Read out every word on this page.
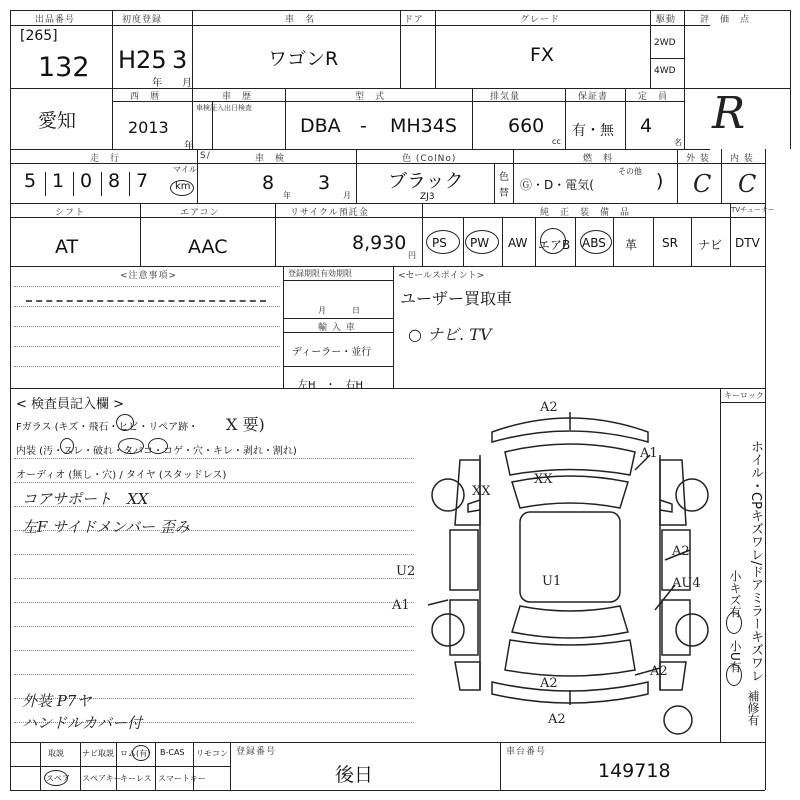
出品番号
[265]
132
初度登録
H25 3
年 月
車　名
ワゴンR
ドア	グレード
FX
駆動
2WD
4WD
評　価　点
R
愛知
西　暦
2013
年
車　歴
車検証入出日検査
型　式
DBA - MH34S
排気量
660
cc
保証書
有・無
定　員
4
名
走　行
5 1 0 8 7
マイル
km
S/	車　検
8
年
3
月
色 (ColNo)
ブラック
ZJ3
色
替
燃　料
Ⓖ・D・電気(
その他 )
外 装
C
内 装
C
シフト
AT
エアコン
AAC
リサイクル預託金
8,930
円
純　正　装　備　品	TVチューナー
PS PW AW エアB ABS 革 SR ナビ DTV
<注意事項>	登録期限有効期限
月	日
輸 入 車
ディーラー・並行
左H　・　右H
<セールスポイント>
ユーザー買取車
○ ナビ. TV
< 検査員記入欄 >
Fガラス (キズ・飛石・ヒビ・リペア跡・ X 要)
内装 (汚・スレ・破れ・タバコ・コゲ・穴・キレ・剥れ・割れ)
オーディオ (無し・穴) / タイヤ (スタッドレス)
コアサポート　XX
左F サイドメンバー 歪み
外装 P7ヤ
ハンドルカバー付
キーロック
A2
A1
XX
XX
U2
U1
A1
A2
AU4
A2
A2
A2
ホイル・CPキズワレ/ドアミラーキズワレ
小キズ有
小U有
補修有
取説 ナビ取説 ロム(有) B-CAS リモコン
スペア スペアキー
キーレス スマートキー
登録番号
後日
車台番号
149718
